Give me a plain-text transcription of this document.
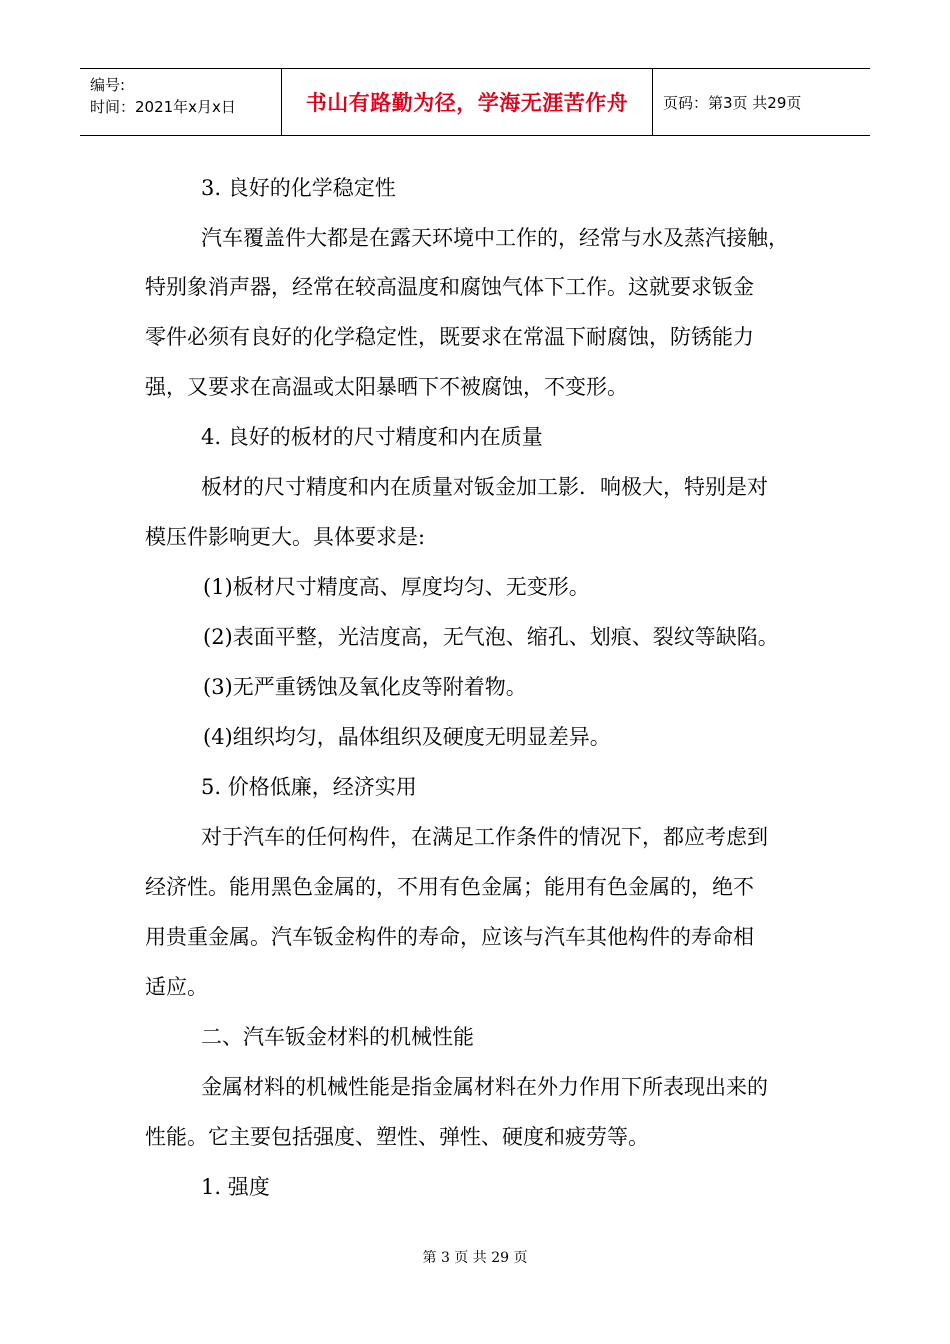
编号:
时间：2021年x月x日	书山有路勤为径，学海无涯苦作舟	页码：第3页 共29页
3. 良好的化学稳定性
汽车覆盖件大都是在露天环境中工作的，经常与水及蒸汽接触，
特别象消声器，经常在较高温度和腐蚀气体下工作。这就要求钣金
零件必须有良好的化学稳定性，既要求在常温下耐腐蚀，防锈能力
强，又要求在高温或太阳暴晒下不被腐蚀，不变形。
4. 良好的板材的尺寸精度和内在质量
板材的尺寸精度和内在质量对钣金加工影．响极大，特别是对
模压件影响更大。具体要求是:
(1)板材尺寸精度高、厚度均匀、无变形。
(2)表面平整，光洁度高，无气泡、缩孔、划痕、裂纹等缺陷。
(3)无严重锈蚀及氧化皮等附着物。
(4)组织均匀，晶体组织及硬度无明显差异。
5. 价格低廉，经济实用
对于汽车的任何构件，在满足工作条件的情况下，都应考虑到
经济性。能用黑色金属的，不用有色金属；能用有色金属的，绝不
用贵重金属。汽车钣金构件的寿命，应该与汽车其他构件的寿命相
适应。
二、汽车钣金材料的机械性能
金属材料的机械性能是指金属材料在外力作用下所表现出来的
性能。它主要包括强度、塑性、弹性、硬度和疲劳等。
1. 强度
第 3 页 共 29 页
